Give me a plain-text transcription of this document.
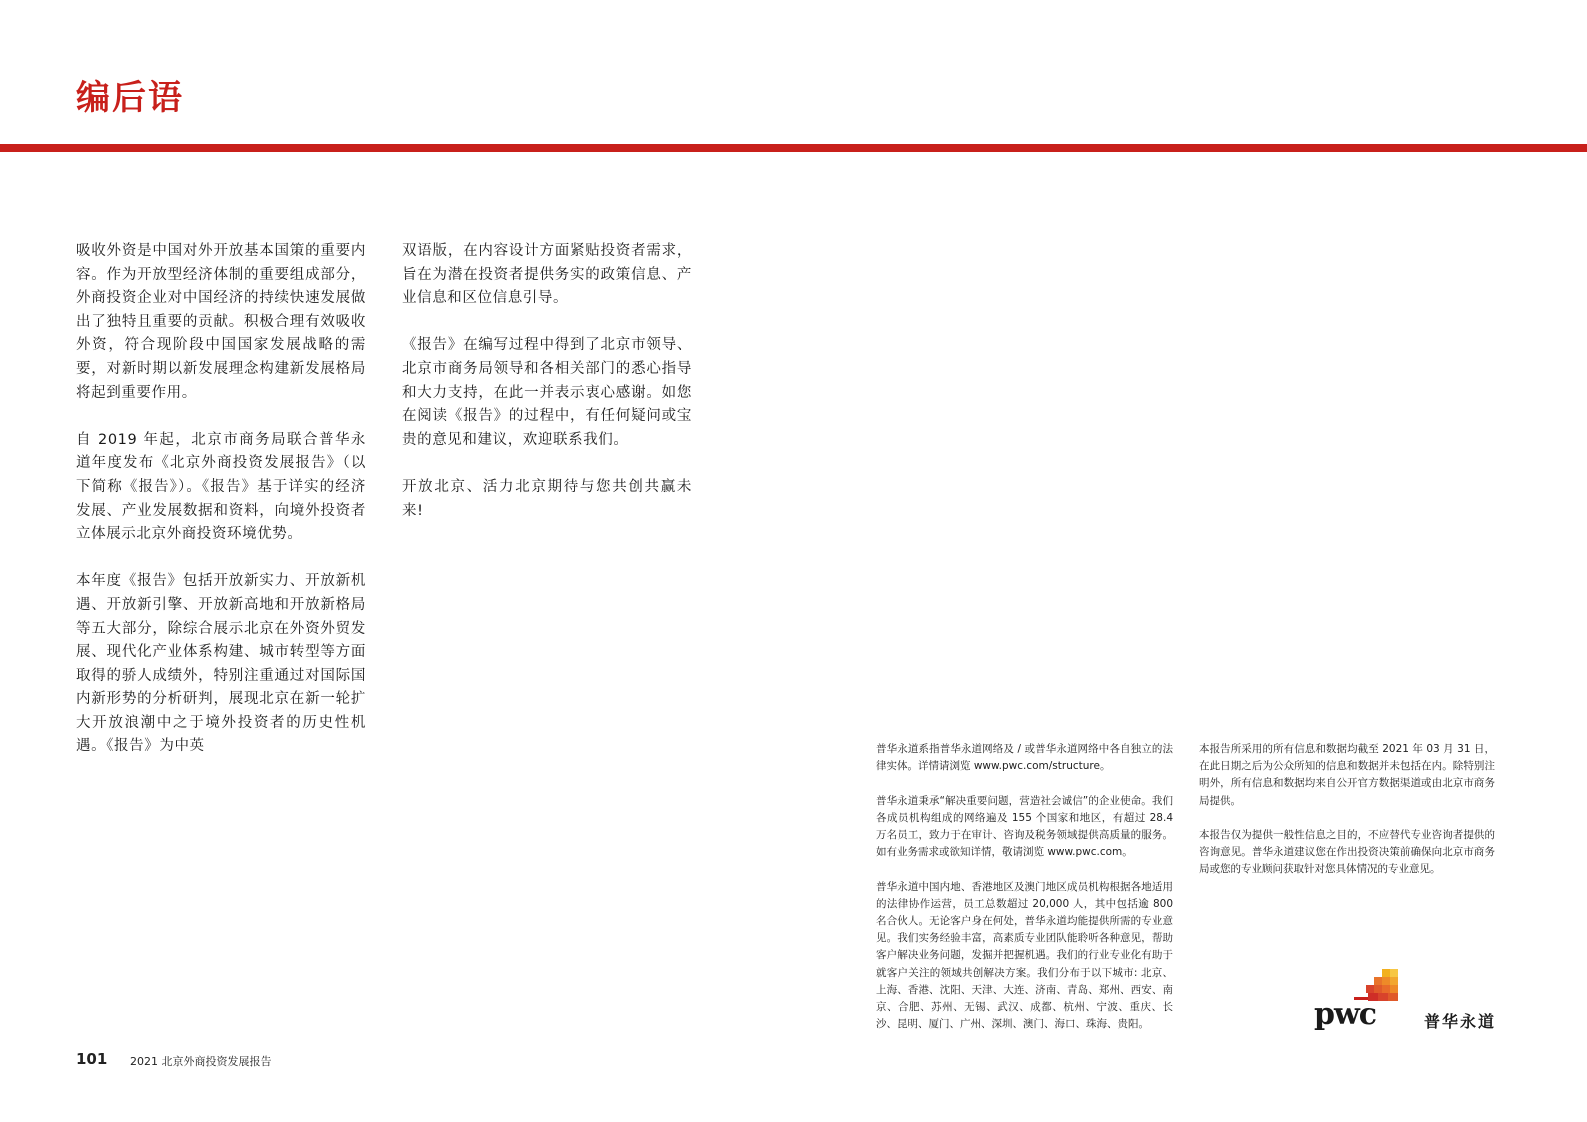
编后语

吸收外资是中国对外开放基本国策的重要内容。作为开放型经济体制的重要组成部分，外商投资企业对中国经济的持续快速发展做出了独特且重要的贡献。积极合理有效吸收外资，符合现阶段中国国家发展战略的需要，对新时期以新发展理念构建新发展格局将起到重要作用。

自 2019 年起，北京市商务局联合普华永道年度发布《北京外商投资发展报告》（以下简称《报告》）。《报告》基于详实的经济发展、产业发展数据和资料，向境外投资者立体展示北京外商投资环境优势。

本年度《报告》包括开放新实力、开放新机遇、开放新引擎、开放新高地和开放新格局等五大部分，除综合展示北京在外资外贸发展、现代化产业体系构建、城市转型等方面取得的骄人成绩外，特别注重通过对国际国内新形势的分析研判，展现北京在新一轮扩大开放浪潮中之于境外投资者的历史性机遇。《报告》为中英

双语版，在内容设计方面紧贴投资者需求，旨在为潜在投资者提供务实的政策信息、产业信息和区位信息引导。

《报告》在编写过程中得到了北京市领导、北京市商务局领导和各相关部门的悉心指导和大力支持，在此一并表示衷心感谢。如您在阅读《报告》的过程中，有任何疑问或宝贵的意见和建议，欢迎联系我们。

开放北京、活力北京期待与您共创共赢未来!

普华永道系指普华永道网络及 / 或普华永道网络中各自独立的法律实体。详情请浏览 www.pwc.com/structure。

普华永道秉承“解决重要问题，营造社会诚信”的企业使命。我们各成员机构组成的网络遍及 155 个国家和地区，有超过 28.4 万名员工，致力于在审计、咨询及税务领域提供高质量的服务。如有业务需求或欲知详情，敬请浏览 www.pwc.com。

普华永道中国内地、香港地区及澳门地区成员机构根据各地适用的法律协作运营，员工总数超过 20,000 人，其中包括逾 800 名合伙人。无论客户身在何处，普华永道均能提供所需的专业意见。我们实务经验丰富，高素质专业团队能聆听各种意见，帮助客户解决业务问题，发掘并把握机遇。我们的行业专业化有助于就客户关注的领域共创解决方案。我们分布于以下城市: 北京、上海、香港、沈阳、天津、大连、济南、青岛、郑州、西安、南京、合肥、苏州、无锡、武汉、成都、杭州、宁波、重庆、长沙、昆明、厦门、广州、深圳、澳门、海口、珠海、贵阳。

本报告所采用的所有信息和数据均截至 2021 年 03 月 31 日，在此日期之后为公众所知的信息和数据并未包括在内。除特别注明外，所有信息和数据均来自公开官方数据渠道或由北京市商务局提供。

本报告仅为提供一般性信息之目的，不应替代专业咨询者提供的咨询意见。普华永道建议您在作出投资决策前确保向北京市商务局或您的专业顾问获取针对您具体情况的专业意见。

101 2021 北京外商投资发展报告
pwc	普华永道
